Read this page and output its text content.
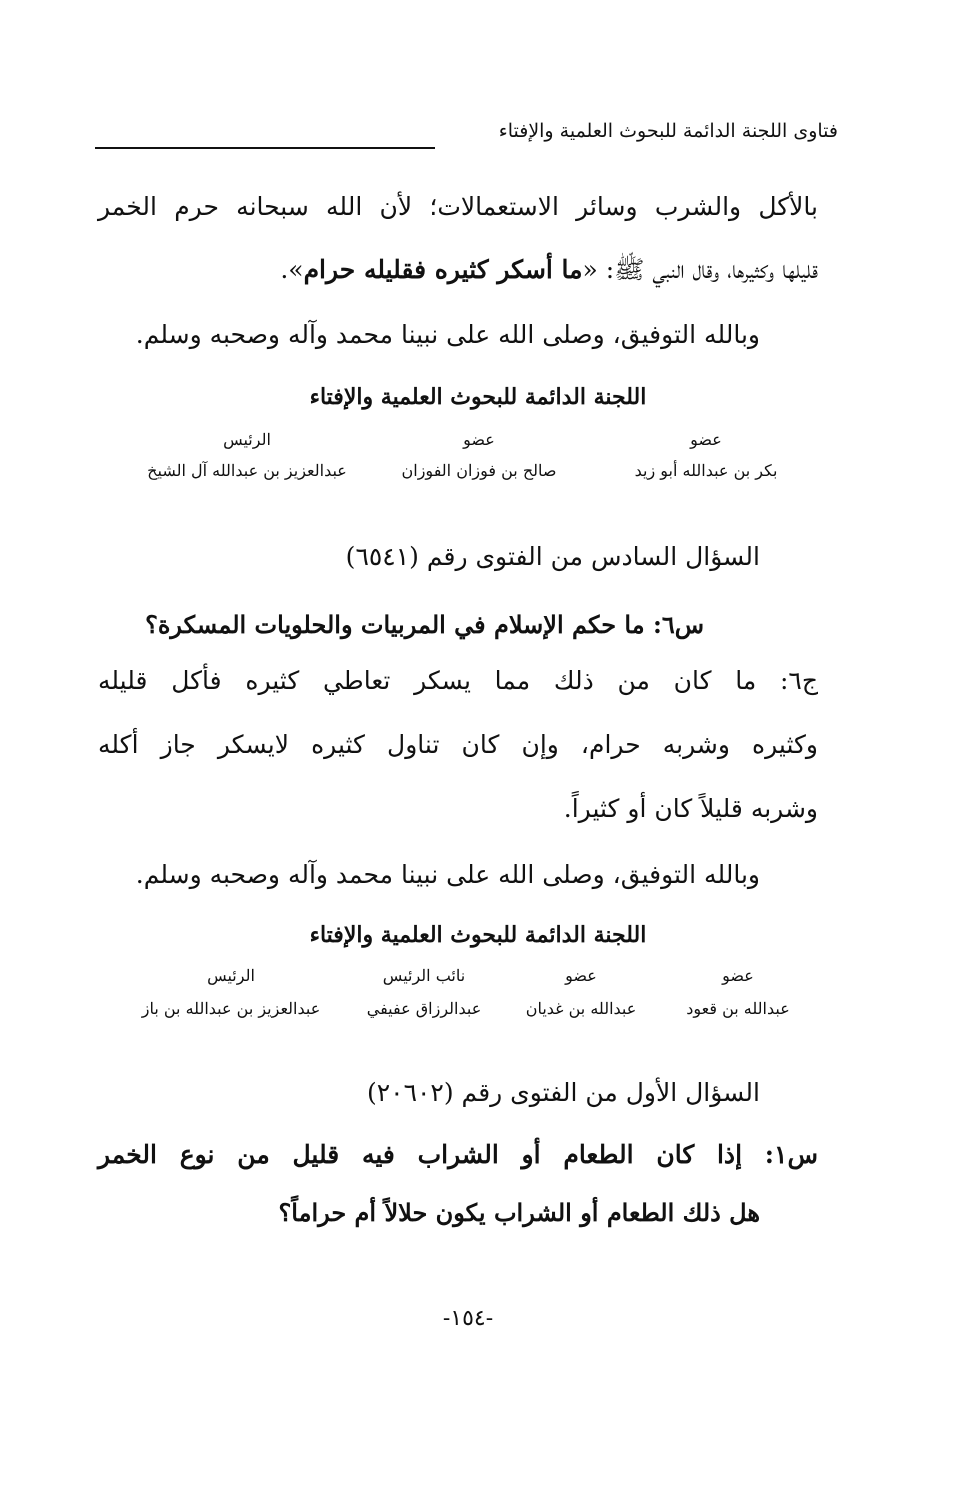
فتاوى اللجنة الدائمة للبحوث العلمية والإفتاء
بالأكل والشرب وسائر الاستعمالات؛ لأن الله سبحانه حرم الخمر
قليلها وكثيرها، وقال النبي ﷺ: «ما أسكر كثيره فقليله حرام».
وبالله التوفيق، وصلى الله على نبينا محمد وآله وصحبه وسلم.
اللجنة الدائمة للبحوث العلمية والإفتاء
عضو
بكر بن عبدالله أبو زيد
عضو
صالح بن فوزان الفوزان
الرئيس
عبدالعزيز بن عبدالله آل الشيخ
السؤال السادس من الفتوى رقم (٦٥٤١)
س٦: ما حكم الإسلام في المربيات والحلويات المسكرة؟
ج٦: ما كان من ذلك مما يسكر تعاطي كثيره فأكل قليله
وكثيره وشربه حرام، وإن كان تناول كثيره لايسكر جاز أكله
وشربه قليلاً كان أو كثيراً.
وبالله التوفيق، وصلى الله على نبينا محمد وآله وصحبه وسلم.
اللجنة الدائمة للبحوث العلمية والإفتاء
عضو
عبدالله بن قعود
عضو
عبدالله بن غديان
نائب الرئيس
عبدالرزاق عفيفي
الرئيس
عبدالعزيز بن عبدالله بن باز
السؤال الأول من الفتوى رقم (٢٠٦٠٢)
س١: إذا كان الطعام أو الشراب فيه قليل من نوع الخمر
هل ذلك الطعام أو الشراب يكون حلالاً أم حراماً؟
-١٥٤-
